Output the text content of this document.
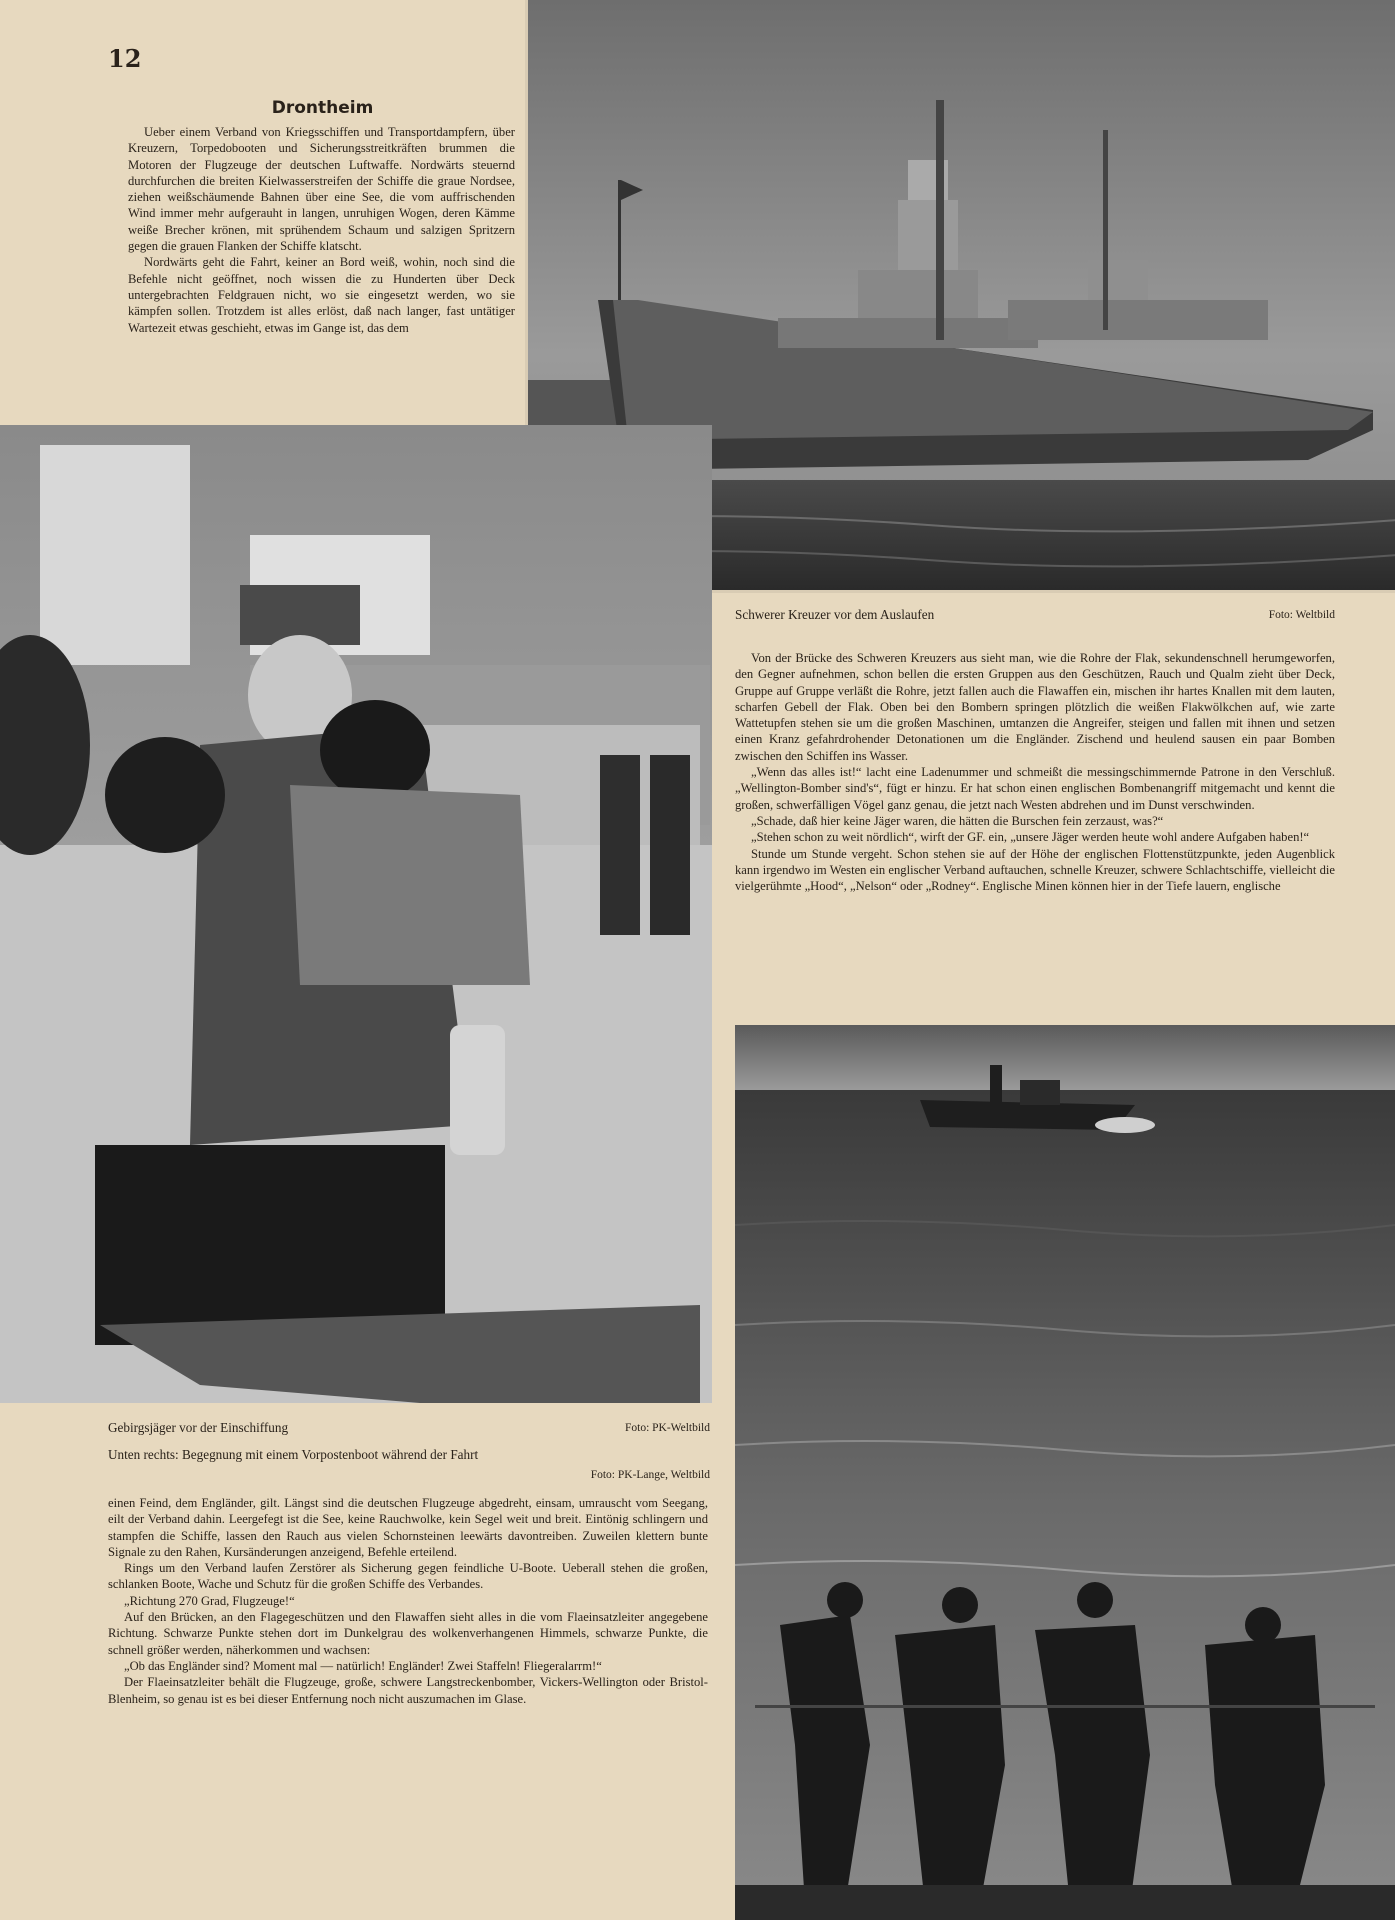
12
Drontheim

Ueber einem Verband von Kriegsschiffen und Transportdampfern, über Kreuzern, Torpedobooten und Sicherungsstreitkräften brummen die Motoren der Flugzeuge der deutschen Luftwaffe. Nordwärts steuernd durchfurchen die breiten Kielwasserstreifen der Schiffe die graue Nordsee, ziehen weißschäumende Bahnen über eine See, die vom auffrischenden Wind immer mehr aufgerauht in langen, unruhigen Wogen, deren Kämme weiße Brecher krönen, mit sprühendem Schaum und salzigen Spritzern gegen die grauen Flanken der Schiffe klatscht.

Nordwärts geht die Fahrt, keiner an Bord weiß, wohin, noch sind die Befehle nicht geöffnet, noch wissen die zu Hunderten über Deck untergebrachten Feldgrauen nicht, wo sie eingesetzt werden, wo sie kämpfen sollen. Trotzdem ist alles erlöst, daß nach langer, fast untätiger Wartezeit etwas geschieht, etwas im Gange ist, das dem

Schwerer Kreuzer vor dem Auslaufen	Foto: Weltbild
Gebirgsjäger vor der Einschiffung	Foto: PK-Weltbild
Unten rechts: Begegnung mit einem Vorpostenboot während der Fahrt
Foto: PK-Lange, Weltbild

einen Feind, dem Engländer, gilt. Längst sind die deutschen Flugzeuge abgedreht, einsam, umrauscht vom Seegang, eilt der Verband dahin. Leergefegt ist die See, keine Rauchwolke, kein Segel weit und breit. Eintönig schlingern und stampfen die Schiffe, lassen den Rauch aus vielen Schornsteinen leewärts davontreiben. Zuweilen klettern bunte Signale zu den Rahen, Kursänderungen anzeigend, Befehle erteilend.

Rings um den Verband laufen Zerstörer als Sicherung gegen feindliche U-Boote. Ueberall stehen die großen, schlanken Boote, Wache und Schutz für die großen Schiffe des Verbandes.

„Richtung 270 Grad, Flugzeuge!“

Auf den Brücken, an den Flagegeschützen und den Flawaffen sieht alles in die vom Flaeinsatzleiter angegebene Richtung. Schwarze Punkte stehen dort im Dunkelgrau des wolkenverhangenen Himmels, schwarze Punkte, die schnell größer werden, näherkommen und wachsen:

„Ob das Engländer sind? Moment mal — natürlich! Engländer! Zwei Staffeln! Fliegeralarrm!“

Der Flaeinsatzleiter behält die Flugzeuge, große, schwere Langstreckenbomber, Vickers-Wellington oder Bristol-Blenheim, so genau ist es bei dieser Entfernung noch nicht auszumachen im Glase.

Von der Brücke des Schweren Kreuzers aus sieht man, wie die Rohre der Flak, sekundenschnell herumgeworfen, den Gegner aufnehmen, schon bellen die ersten Gruppen aus den Geschützen, Rauch und Qualm zieht über Deck, Gruppe auf Gruppe verläßt die Rohre, jetzt fallen auch die Flawaffen ein, mischen ihr hartes Knallen mit dem lauten, scharfen Gebell der Flak. Oben bei den Bombern springen plötzlich die weißen Flakwölkchen auf, wie zarte Wattetupfen stehen sie um die großen Maschinen, umtanzen die Angreifer, steigen und fallen mit ihnen und setzen einen Kranz gefahrdrohender Detonationen um die Engländer. Zischend und heulend sausen ein paar Bomben zwischen den Schiffen ins Wasser.

„Wenn das alles ist!“ lacht eine Ladenummer und schmeißt die messingschimmernde Patrone in den Verschluß. „Wellington-Bomber sind's“, fügt er hinzu. Er hat schon einen englischen Bombenangriff mitgemacht und kennt die großen, schwerfälligen Vögel ganz genau, die jetzt nach Westen abdrehen und im Dunst verschwinden.

„Schade, daß hier keine Jäger waren, die hätten die Burschen fein zerzaust, was?“

„Stehen schon zu weit nördlich“, wirft der GF. ein, „unsere Jäger werden heute wohl andere Aufgaben haben!“

Stunde um Stunde vergeht. Schon stehen sie auf der Höhe der englischen Flottenstützpunkte, jeden Augenblick kann irgendwo im Westen ein englischer Verband auftauchen, schnelle Kreuzer, schwere Schlachtschiffe, vielleicht die vielgerühmte „Hood“, „Nelson“ oder „Rodney“. Englische Minen können hier in der Tiefe lauern, englische
